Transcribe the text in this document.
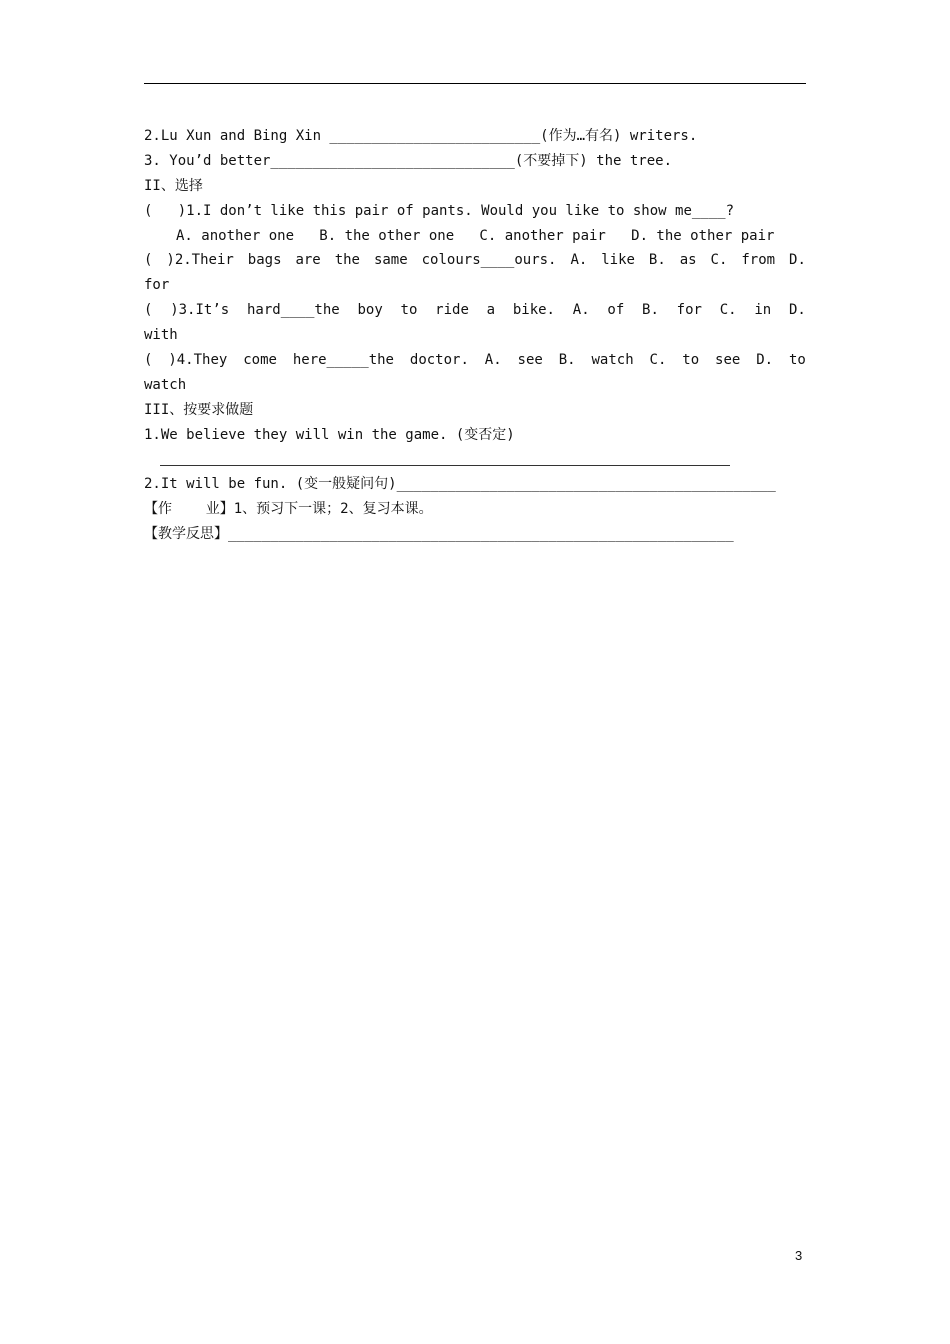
2.Lu Xun and Bing Xin _________________________(作为…有名) writers.
3. You’d better_____________________________(不要掉下) the tree.
II、选择
(   )1.I don’t like this pair of pants. Would you like to show me____?
A. another one   B. the other one   C. another pair   D. the other pair
( )2.Their bags are the same colours____ours. A. like B. as C. from D.
for
( )3.It’s hard____the boy to ride a bike. A. of B. for C. in D.
with
( )4.They come here_____the doctor. A. see B. watch C. to see D. to
watch
III、按要求做题
1.We believe they will win the game. (变否定)
2.It will be fun. (变一般疑问句)_____________________________________________
【作    业】1、预习下一课；2、复习本课。
【教学反思】____________________________________________________________
3
